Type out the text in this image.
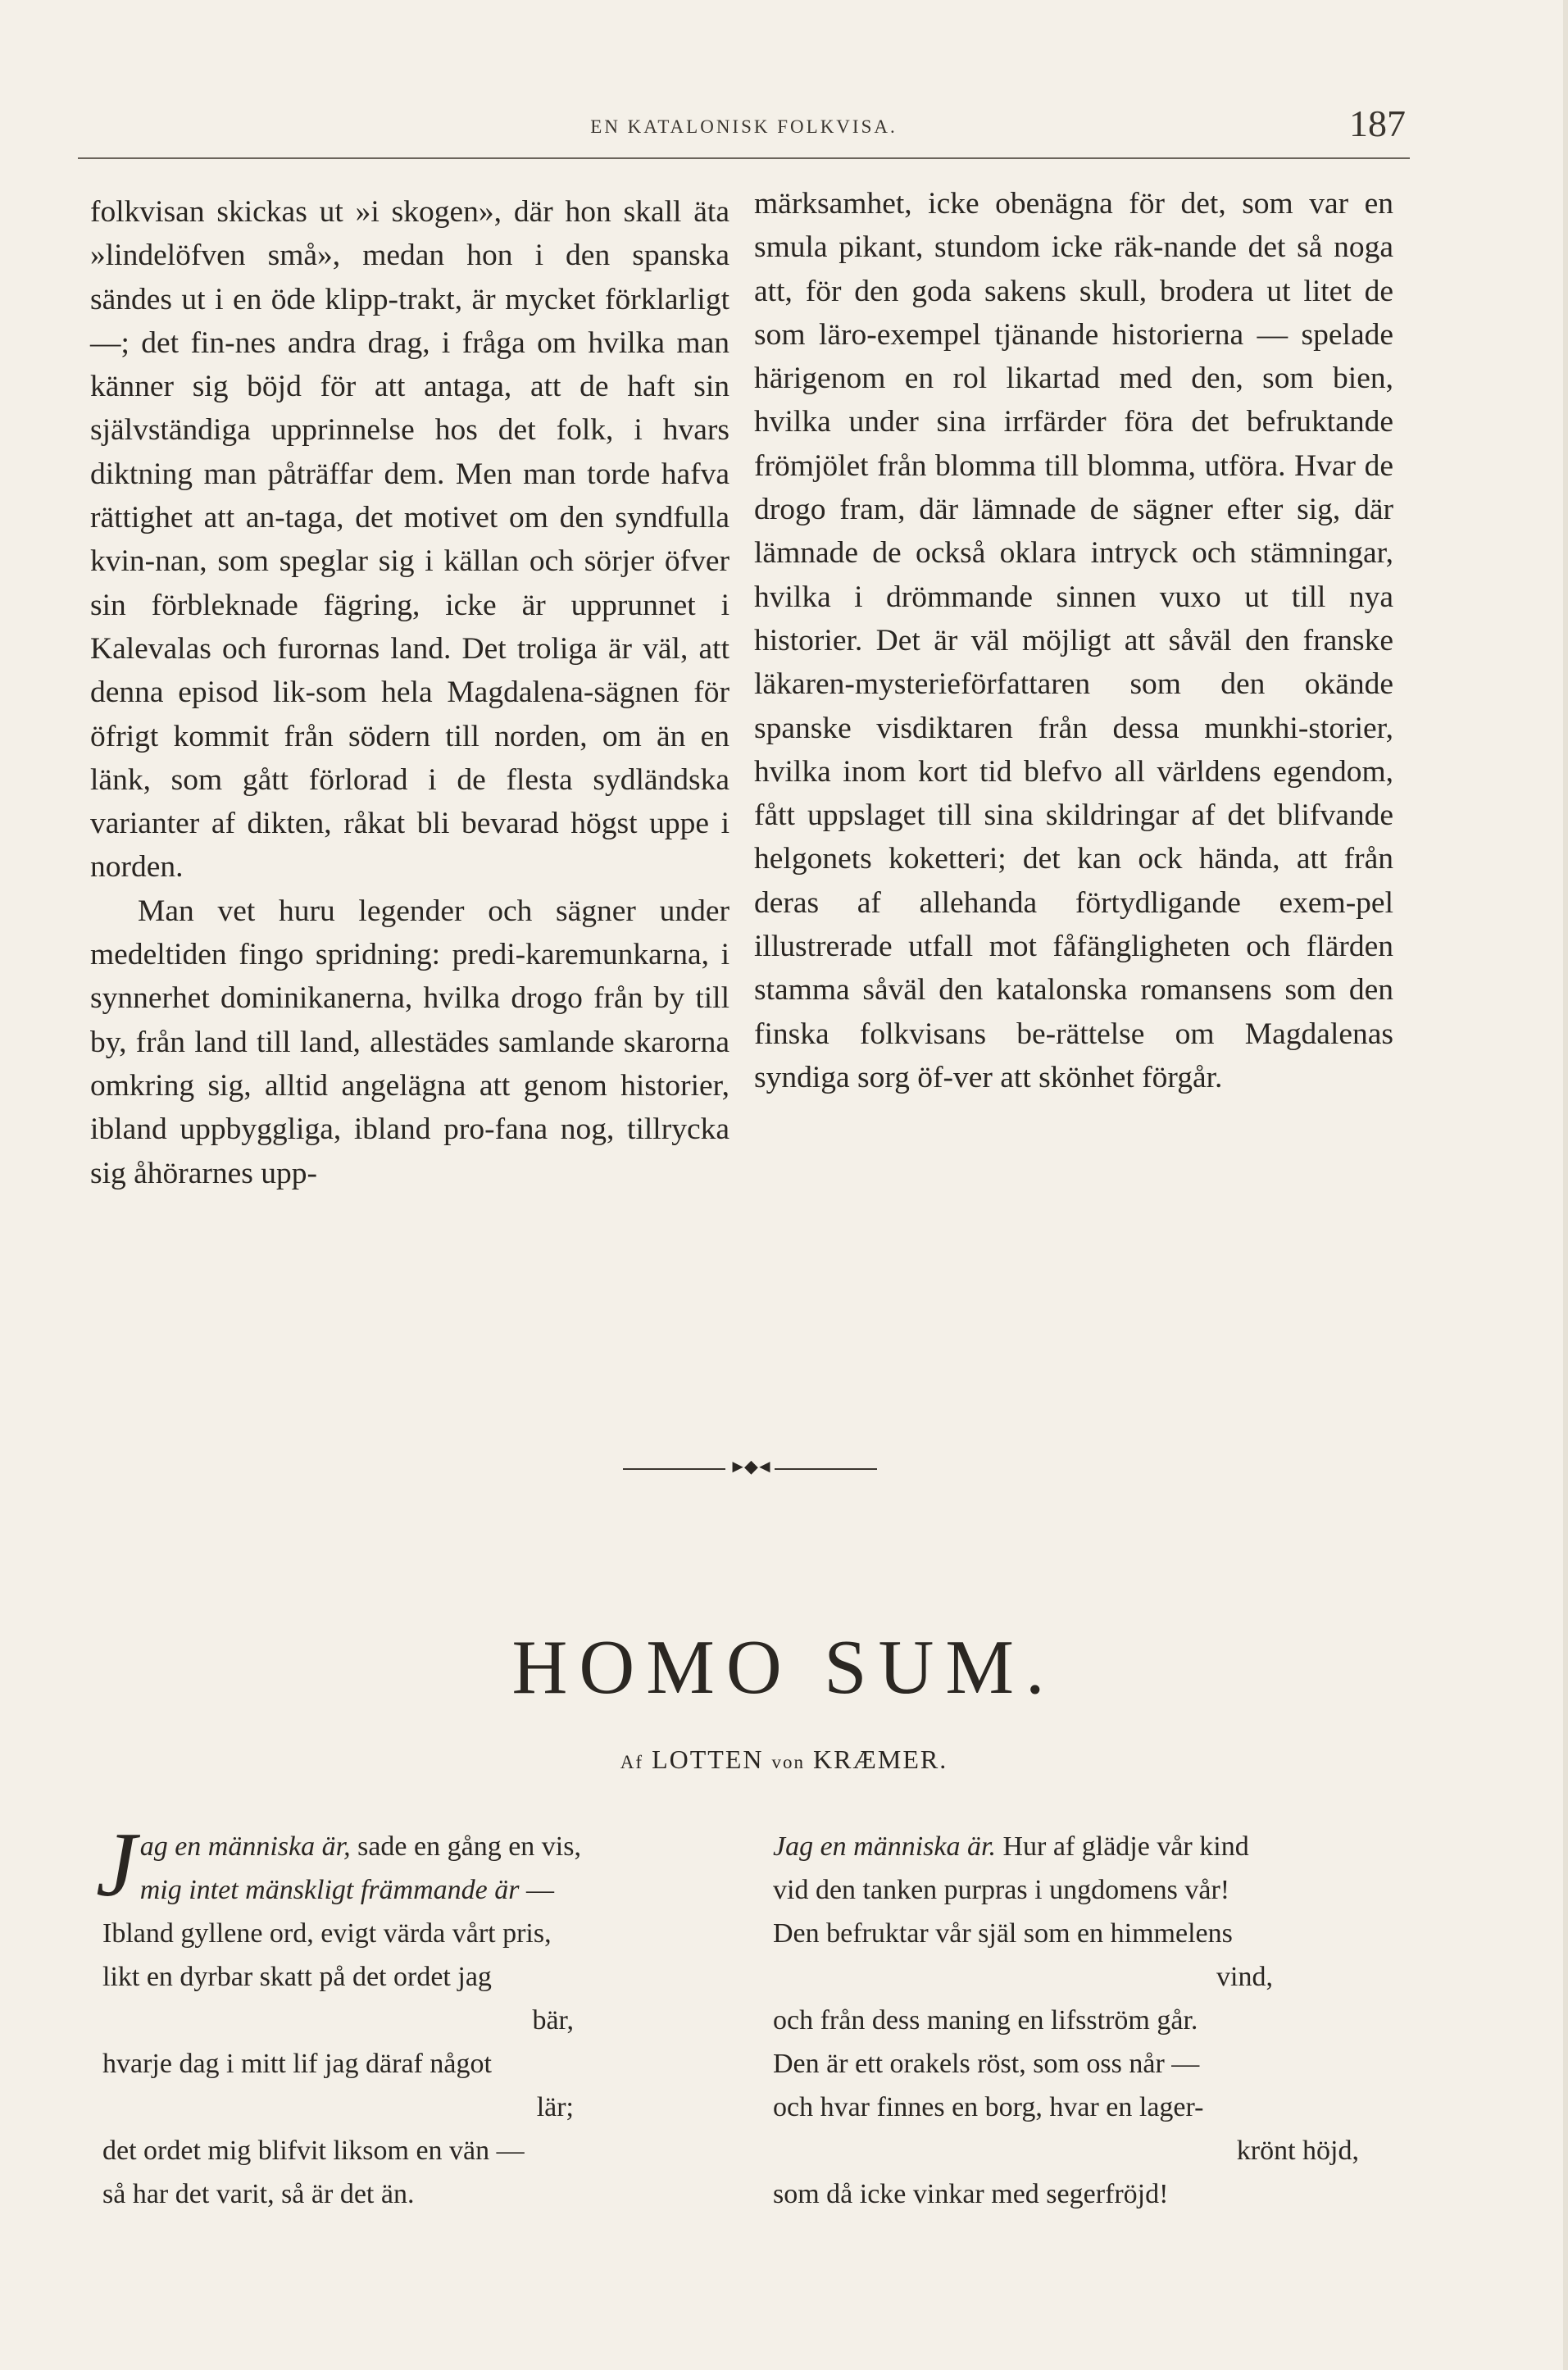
EN KATALONISK FOLKVISA.	187

folkvisan skickas ut »i skogen», där hon skall äta »lindelöfven små», medan hon i den spanska sändes ut i en öde klipp-trakt, är mycket förklarligt —; det fin-nes andra drag, i fråga om hvilka man känner sig böjd för att antaga, att de haft sin självständiga upprinnelse hos det folk, i hvars diktning man påträffar dem. Men man torde hafva rättighet att an-taga, det motivet om den syndfulla kvin-nan, som speglar sig i källan och sörjer öfver sin förbleknade fägring, icke är upprunnet i Kalevalas och furornas land. Det troliga är väl, att denna episod lik-som hela Magdalena-sägnen för öfrigt kommit från södern till norden, om än en länk, som gått förlorad i de flesta sydländska varianter af dikten, råkat bli bevarad högst uppe i norden.

Man vet huru legender och sägner under medeltiden fingo spridning: predi-karemunkarna, i synnerhet dominikanerna, hvilka drogo från by till by, från land till land, allestädes samlande skarorna omkring sig, alltid angelägna att genom historier, ibland uppbyggliga, ibland pro-fana nog, tillrycka sig åhörarnes upp-

märksamhet, icke obenägna för det, som var en smula pikant, stundom icke räk-nande det så noga att, för den goda sakens skull, brodera ut litet de som läro-exempel tjänande historierna — spelade härigenom en rol likartad med den, som bien, hvilka under sina irrfärder föra det befruktande frömjölet från blomma till blomma, utföra. Hvar de drogo fram, där lämnade de sägner efter sig, där lämnade de också oklara intryck och stämningar, hvilka i drömmande sinnen vuxo ut till nya historier. Det är väl möjligt att såväl den franske läkaren-mysterieförfattaren som den okände spanske visdiktaren från dessa munkhi-storier, hvilka inom kort tid blefvo all världens egendom, fått uppslaget till sina skildringar af det blifvande helgonets koketteri; det kan ock hända, att från deras af allehanda förtydligande exem-pel illustrerade utfall mot fåfängligheten och flärden stamma såväl den katalonska romansens som den finska folkvisans be-rättelse om Magdalenas syndiga sorg öf-ver att skönhet förgår.

►◆◄
HOMO SUM.
Af LOTTEN von KRÆMER.
J ag en människa är, sade en gång en vis,
mig intet mänskligt främmande är —
Ibland gyllene ord, evigt värda vårt pris,
likt en dyrbar skatt på det ordet jag
bär,
hvarje dag i mitt lif jag däraf något
lär;
det ordet mig blifvit liksom en vän —
så har det varit, så är det än.
Jag en människa är. Hur af glädje vår kind
vid den tanken purpras i ungdomens vår!
Den befruktar vår själ som en himmelens
vind,
och från dess maning en lifsström går.
Den är ett orakels röst, som oss når —
och hvar finnes en borg, hvar en lager-
krönt höjd,
som då icke vinkar med segerfröjd!
